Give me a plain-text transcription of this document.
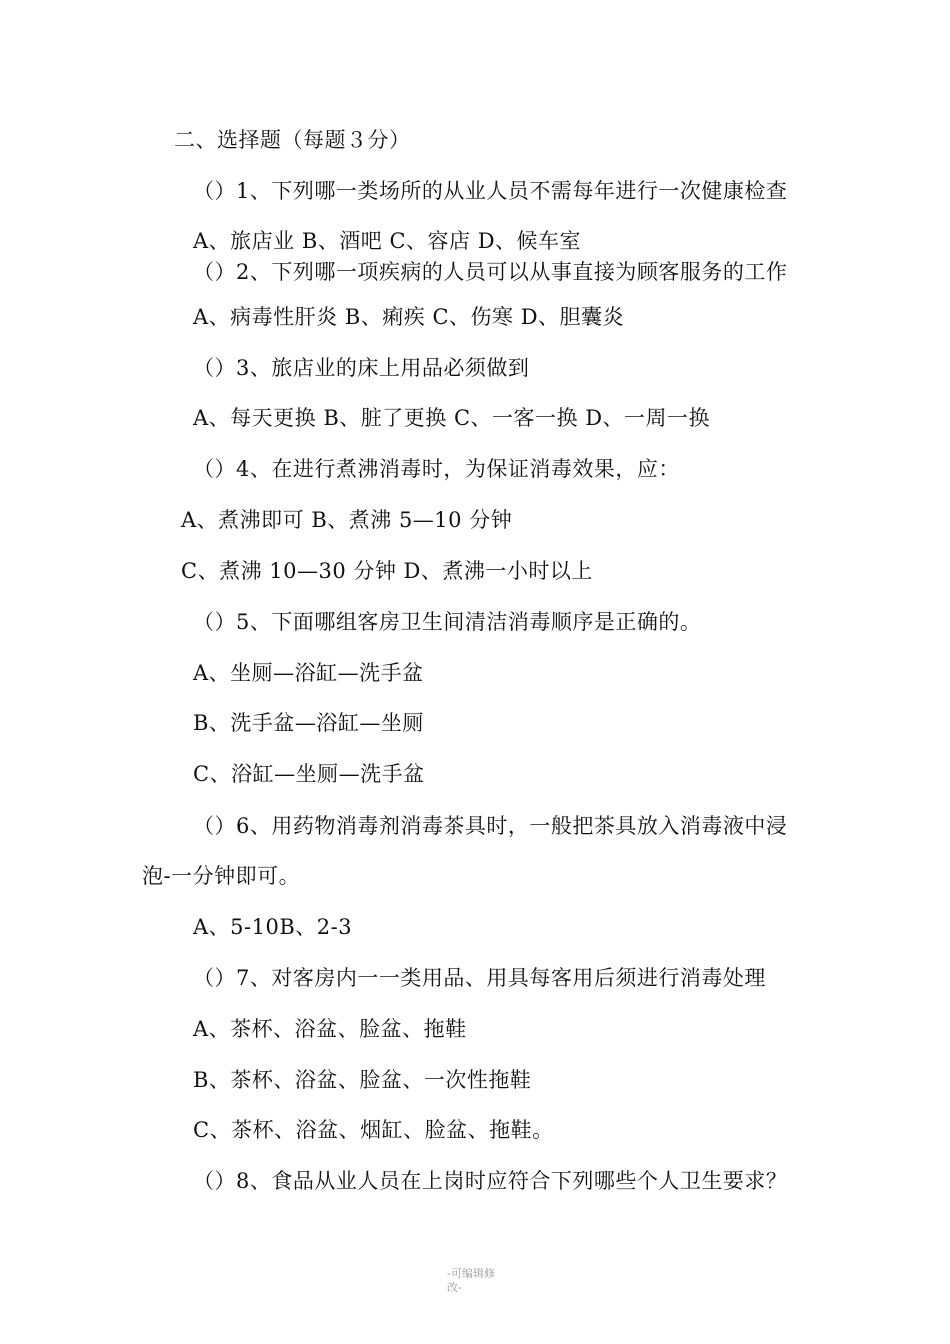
二、选择题（每题３分）
（）1、下列哪一类场所的从业人员不需每年进行一次健康检查
A、旅店业 B、酒吧 C、容店 D、候车室
（）2、下列哪一项疾病的人员可以从事直接为顾客服务的工作
A、病毒性肝炎 B、痢疾 C、伤寒 D、胆囊炎
（）3、旅店业的床上用品必须做到
A、每天更换 B、脏了更换 C、一客一换 D、一周一换
（）4、在进行煮沸消毒时，为保证消毒效果，应：
A、煮沸即可 B、煮沸 5—10 分钟
C、煮沸 10—30 分钟 D、煮沸一小时以上
（）5、下面哪组客房卫生间清洁消毒顺序是正确的。
A、坐厕—浴缸—洗手盆
B、洗手盆—浴缸—坐厕
C、浴缸—坐厕—洗手盆
（）6、用药物消毒剂消毒茶具时，一般把茶具放入消毒液中浸
泡-一分钟即可。
A、5-10B、2-3
（）7、对客房内一一类用品、用具每客用后须进行消毒处理
A、茶杯、浴盆、脸盆、拖鞋
B、茶杯、浴盆、脸盆、一次性拖鞋
C、茶杯、浴盆、烟缸、脸盆、拖鞋。
（）8、食品从业人员在上岗时应符合下列哪些个人卫生要求？
-可编辑修
改-
